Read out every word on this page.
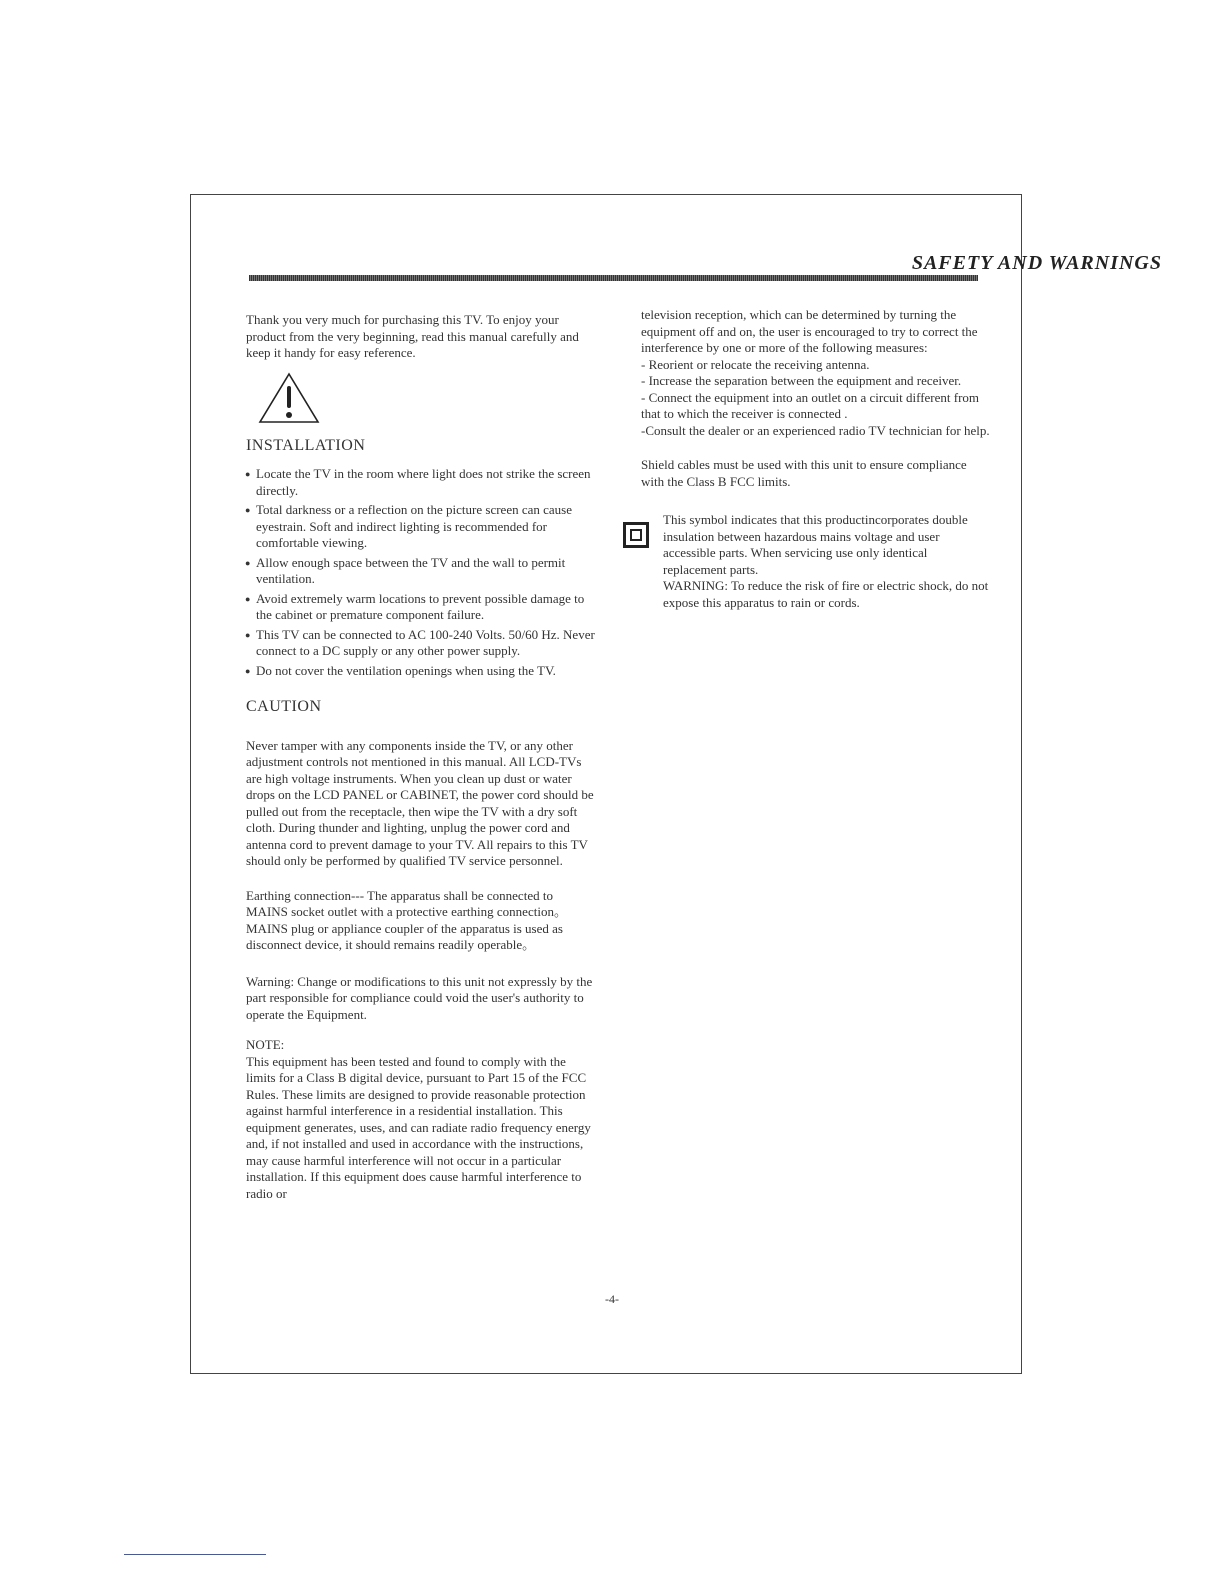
SAFETY AND WARNINGS

Thank you very much for purchasing this TV. To enjoy your product from the very beginning, read this manual carefully and keep it handy for easy reference.

INSTALLATION

● Locate the TV in the room where light does not strike the screen directly.
● Total darkness or a reflection on the picture screen can cause eyestrain. Soft and indirect lighting is recommended for comfortable viewing.
● Allow enough space between the TV and the wall to permit ventilation.
● Avoid extremely warm locations to prevent possible damage to the cabinet or premature component failure.
● This TV can be connected to AC 100-240 Volts. 50/60 Hz. Never connect to a DC supply or any other power supply.
● Do not cover the ventilation openings when using the TV.

CAUTION

Never tamper with any components inside the TV, or any other adjustment controls not mentioned in this manual. All LCD-TVs are high voltage instruments. When you clean up dust or water drops on the LCD PANEL or CABINET, the power cord should be pulled out from the receptacle, then wipe the TV with a dry soft cloth. During thunder and lighting, unplug the power cord and antenna cord to prevent damage to your TV. All repairs to this TV should only be performed by qualified TV service personnel.

Earthing connection--- The apparatus shall be connected to MAINS socket outlet with a protective earthing connection。MAINS plug or appliance coupler of the apparatus is used as disconnect device, it should remains readily operable。

Warning: Change or modifications to this unit not expressly by the part responsible for compliance could void the user's authority to operate the Equipment.

NOTE:

This equipment has been tested and found to comply with the limits for a Class B digital device, pursuant to Part 15 of the FCC Rules. These limits are designed to provide reasonable protection against harmful interference in a residential installation. This equipment generates, uses, and can radiate radio frequency energy and, if not installed and used in accordance with the instructions, may cause harmful interference will not occur in a particular installation. If this equipment does cause harmful interference to radio or

television reception, which can be determined by turning the equipment off and on, the user is encouraged to try to correct the interference by one or more of the following measures:

- Reorient or relocate the receiving antenna.

- Increase the separation between the equipment and receiver.

- Connect the equipment into an outlet on a circuit different from that to which the receiver is connected .

-Consult the dealer or an experienced radio TV technician for help.

Shield cables must be used with this unit to ensure compliance with the Class B FCC limits.

This symbol indicates that this productincorporates double insulation between hazardous mains voltage and user accessible parts. When servicing use only identical replacement parts.

WARNING: To reduce the risk of fire or electric shock, do not expose this apparatus to rain or cords.

-4-
